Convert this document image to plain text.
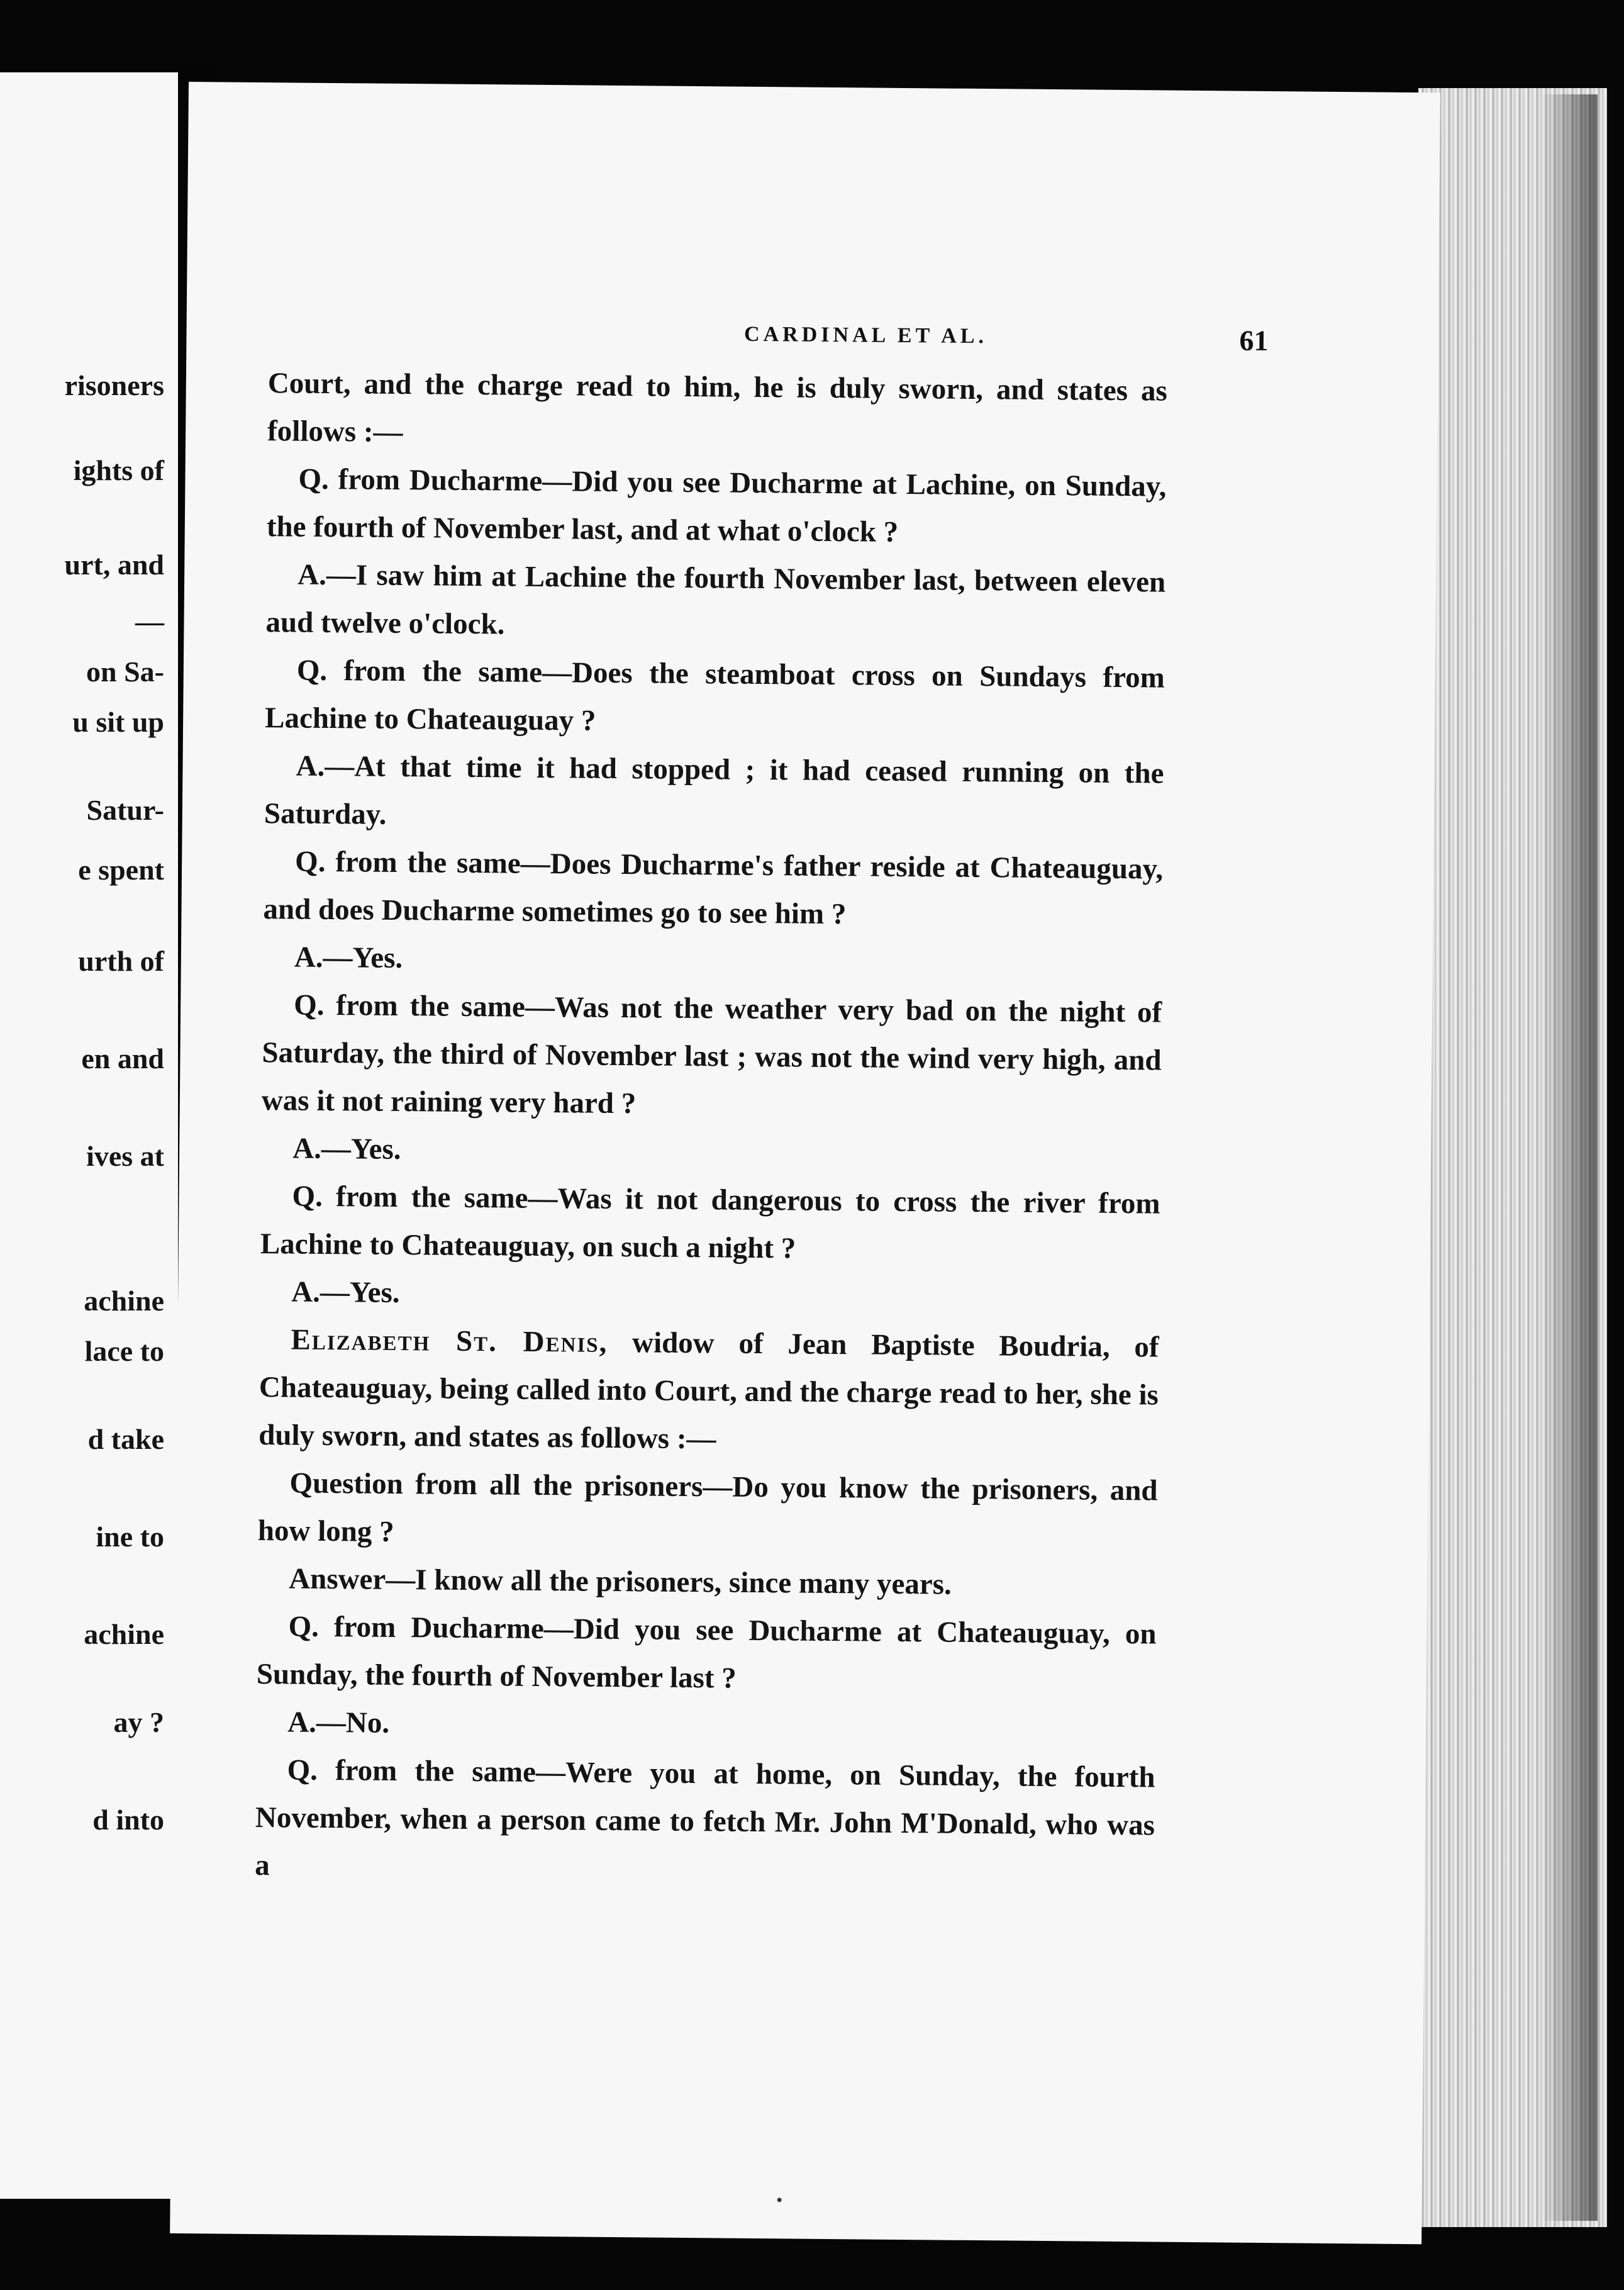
risoners
ights of
urt, and
—
on Sa-
u sit up
Satur-
e spent
urth of
en and
ives at
achine
lace to
d take
ine to
achine
ay ?
d into
CARDINAL ET AL.	61

Court, and the charge read to him, he is duly sworn, and states as follows :—

Q. from Ducharme—Did you see Ducharme at Lachine, on Sunday, the fourth of November last, and at what o'clock ?

A.—I saw him at Lachine the fourth November last, between eleven aud twelve o'clock.

Q. from the same—Does the steamboat cross on Sundays from Lachine to Chateauguay ?

A.—At that time it had stopped ; it had ceased running on the Saturday.

Q. from the same—Does Ducharme's father reside at Chateauguay, and does Ducharme sometimes go to see him ?

A.—Yes.

Q. from the same—Was not the weather very bad on the night of Saturday, the third of November last ; was not the wind very high, and was it not raining very hard ?

A.—Yes.

Q. from the same—Was it not dangerous to cross the river from Lachine to Chateauguay, on such a night ?

A.—Yes.

Elizabeth St. Denis, widow of Jean Baptiste Boudria, of Chateauguay, being called into Court, and the charge read to her, she is duly sworn, and states as follows :—

Question from all the prisoners—Do you know the prisoners, and how long ?

Answer—I know all the prisoners, since many years.

Q. from Ducharme—Did you see Ducharme at Chateauguay, on Sunday, the fourth of November last ?

A.—No.

Q. from the same—Were you at home, on Sunday, the fourth November, when a person came to fetch Mr. John M'Donald, who was a
